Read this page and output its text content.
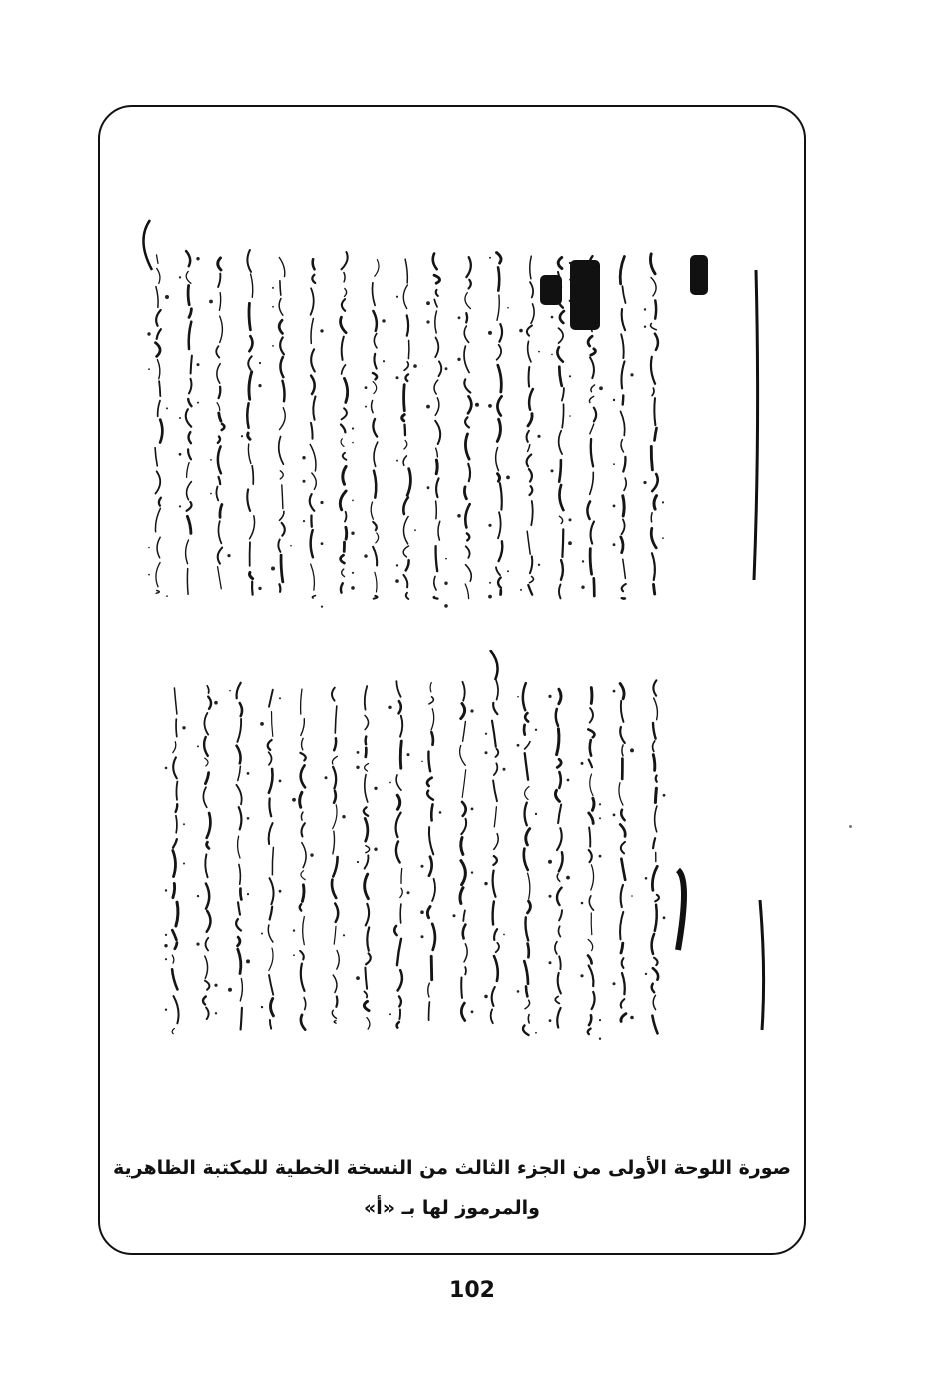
صورة اللوحة الأولى من الجزء الثالث من النسخة الخطية للمكتبة الظاهرية
والمرموز لها بـ «أ»
102
